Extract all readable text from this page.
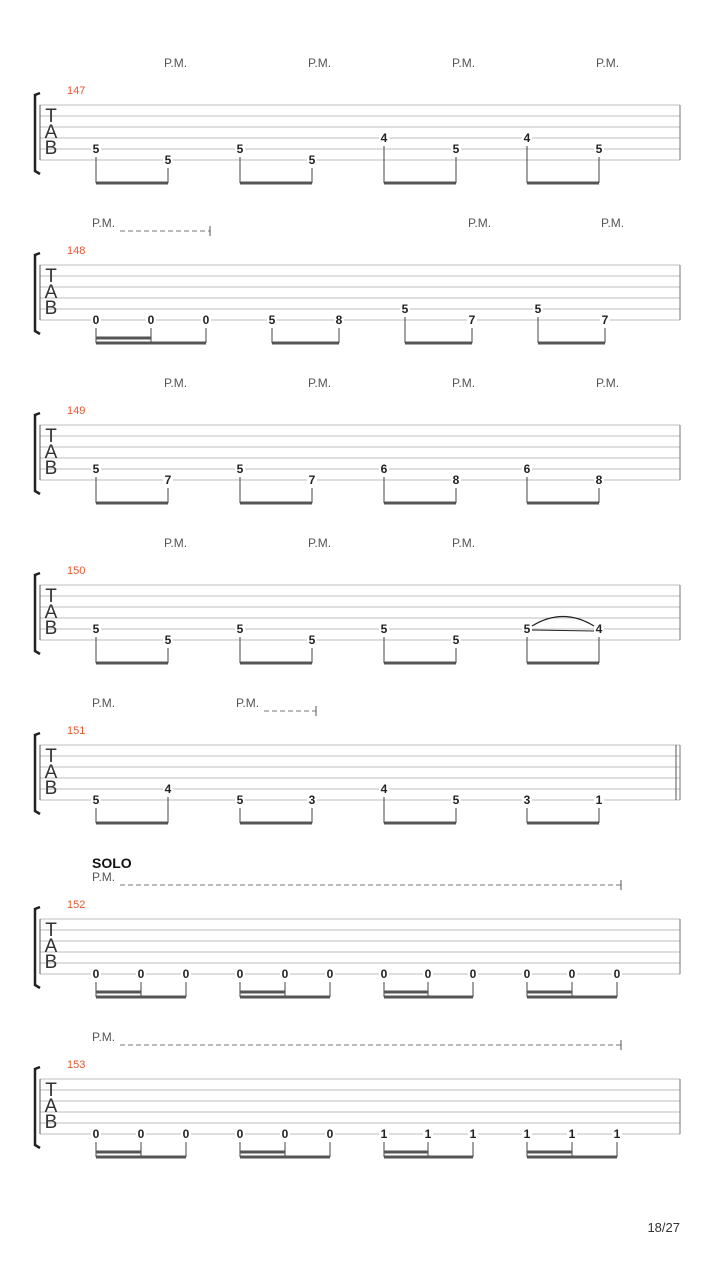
T
A
B
147
P.M.	P.M.	P.M.	P.M.
5
5
5
5
4
5
4
5
T
A
B
148
P.M.	P.M.	P.M.
0	0	0	5	8
5
7
5
7
T
A
B
149
P.M.	P.M.	P.M.	P.M.
5
7
5
7
6
8
6
8
T
A
B
150
P.M.	P.M.	P.M.
5
5
5
5
5
5
5	4
T
A
B
151
P.M.	P.M.
5
4
5	3
4
5	3	1
T
A
B
152
SOLO
P.M.
0	0	0	0	0	0	0	0	0	0	0	0
T
A
B
153
P.M.
0	0	0	0	0	0	1	1	1	1	1	1
18/27
